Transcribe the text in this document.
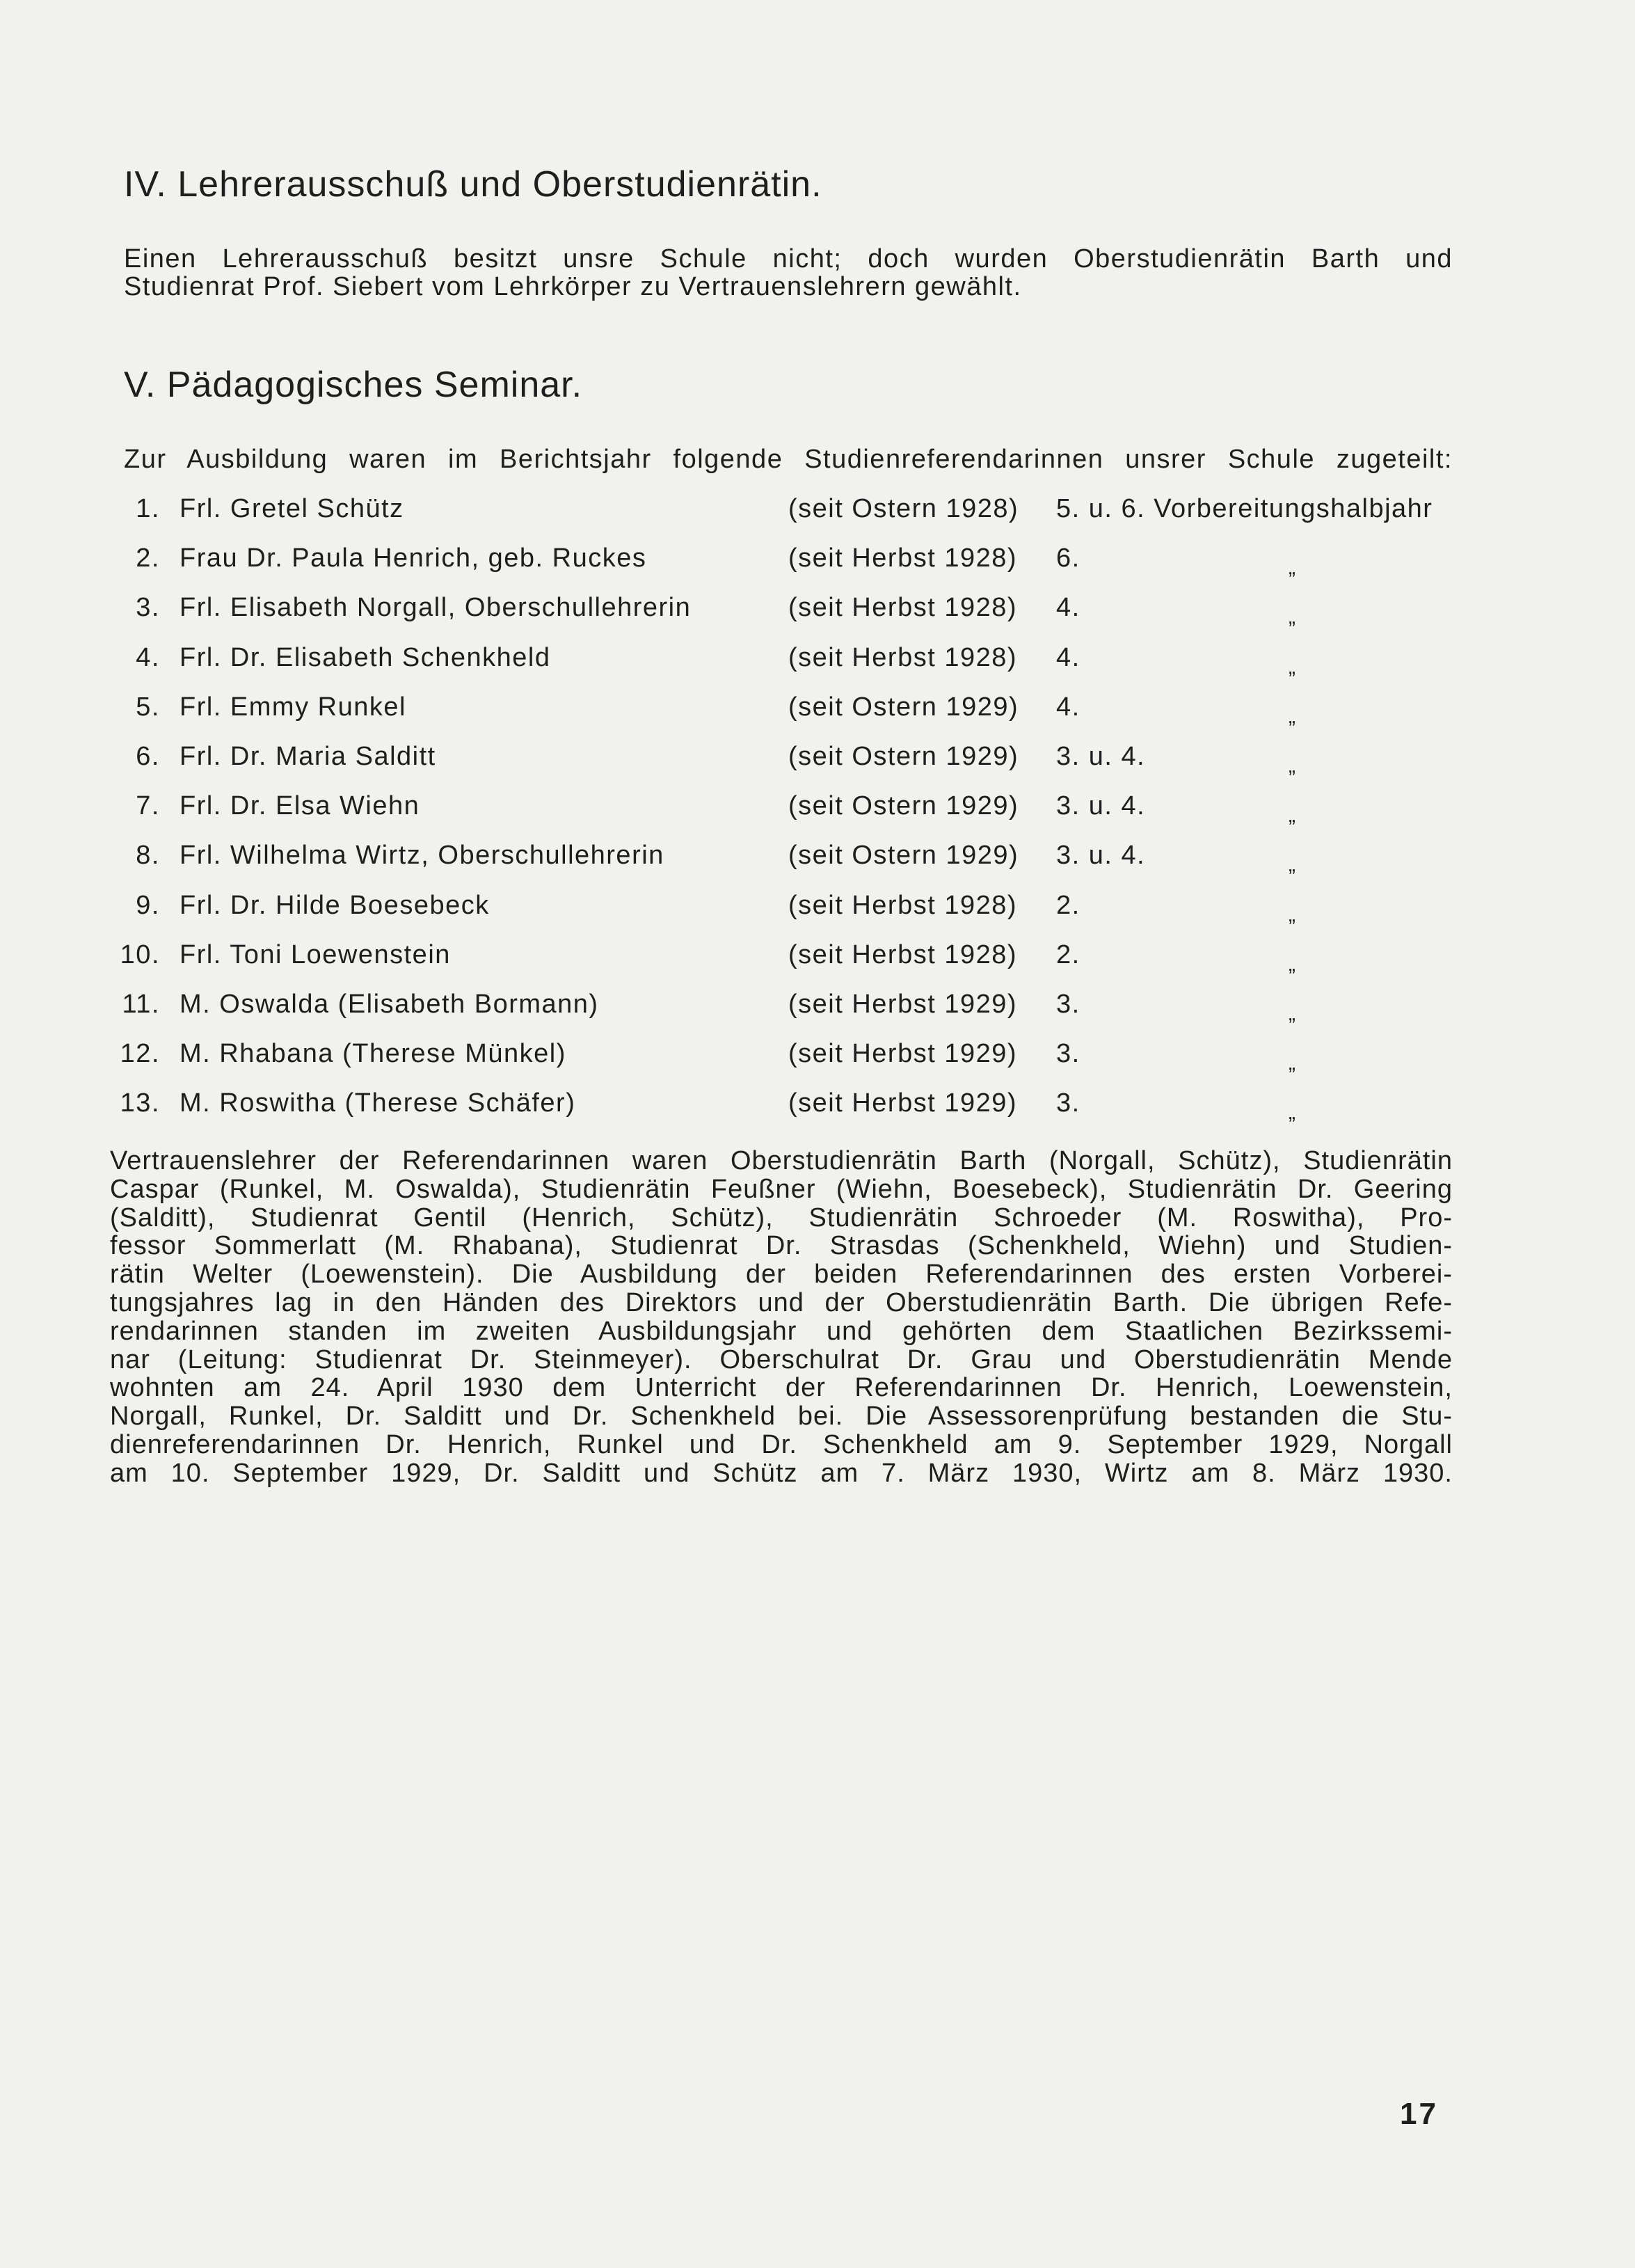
IV. Lehrerausschuß und Oberstudienrätin.

Einen Lehrerausschuß besitzt unsre Schule nicht; doch wurden Oberstudienrätin Barth und

Studienrat Prof. Siebert vom Lehrkörper zu Vertrauenslehrern gewählt.

V. Pädagogisches Seminar.

Zur Ausbildung waren im Berichtsjahr folgende Studienreferendarinnen unsrer Schule zugeteilt:

1. Frl. Gretel Schütz	(seit Ostern 1928) 5. u. 6. Vorbereitungshalbjahr
2. Frau Dr. Paula Henrich, geb. Ruckes	(seit Herbst 1928) 6.	„
3. Frl. Elisabeth Norgall, Oberschullehrerin	(seit Herbst 1928) 4.	„
4. Frl. Dr. Elisabeth Schenkheld	(seit Herbst 1928) 4.	„
5. Frl. Emmy Runkel	(seit Ostern 1929) 4.	„
6. Frl. Dr. Maria Salditt	(seit Ostern 1929) 3. u. 4.	„
7. Frl. Dr. Elsa Wiehn	(seit Ostern 1929) 3. u. 4.	„
8. Frl. Wilhelma Wirtz, Oberschullehrerin	(seit Ostern 1929) 3. u. 4.	„
9. Frl. Dr. Hilde Boesebeck	(seit Herbst 1928) 2.	„
10. Frl. Toni Loewenstein	(seit Herbst 1928) 2.	„
11. M. Oswalda (Elisabeth Bormann)	(seit Herbst 1929) 3.	„
12. M. Rhabana (Therese Münkel)	(seit Herbst 1929) 3.	„
13. M. Roswitha (Therese Schäfer)	(seit Herbst 1929) 3.	„
Vertrauenslehrer der Referendarinnen waren Oberstudienrätin Barth (Norgall, Schütz), Studienrätin
Caspar (Runkel, M. Oswalda), Studienrätin Feußner (Wiehn, Boesebeck), Studienrätin Dr. Geering
(Salditt), Studienrat Gentil (Henrich, Schütz), Studienrätin Schroeder (M. Roswitha), Pro-
fessor Sommerlatt (M. Rhabana), Studienrat Dr. Strasdas (Schenkheld, Wiehn) und Studien-
rätin Welter (Loewenstein). Die Ausbildung der beiden Referendarinnen des ersten Vorberei-
tungsjahres lag in den Händen des Direktors und der Oberstudienrätin Barth. Die übrigen Refe-
rendarinnen standen im zweiten Ausbildungsjahr und gehörten dem Staatlichen Bezirkssemi-
nar (Leitung: Studienrat Dr. Steinmeyer). Oberschulrat Dr. Grau und Oberstudienrätin Mende
wohnten am 24. April 1930 dem Unterricht der Referendarinnen Dr. Henrich, Loewenstein,
Norgall, Runkel, Dr. Salditt und Dr. Schenkheld bei. Die Assessorenprüfung bestanden die Stu-
dienreferendarinnen Dr. Henrich, Runkel und Dr. Schenkheld am 9. September 1929, Norgall
am 10. September 1929, Dr. Salditt und Schütz am 7. März 1930, Wirtz am 8. März 1930.
17
